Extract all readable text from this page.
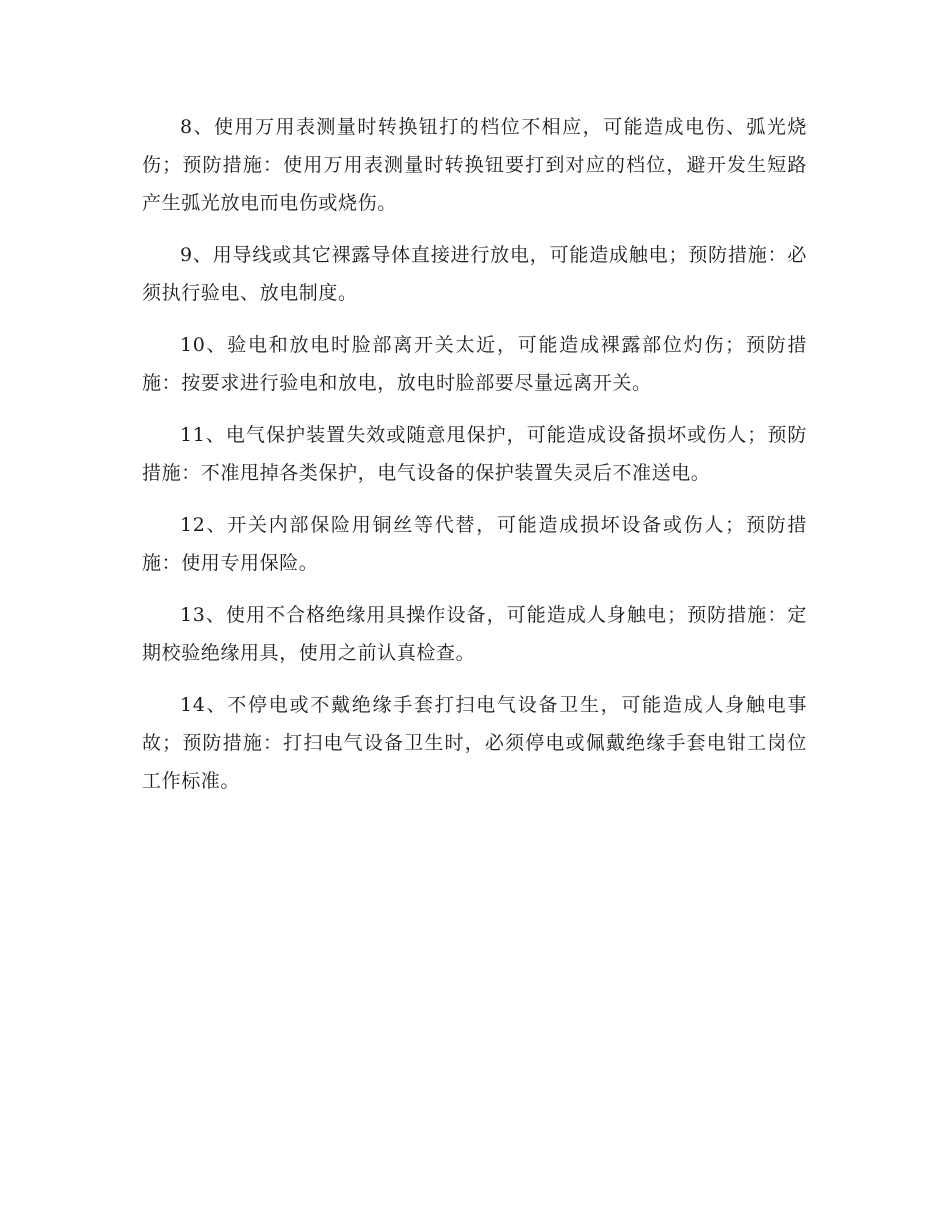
8、使用万用表测量时转换钮打的档位不相应，可能造成电伤、弧光烧伤；预防措施：使用万用表测量时转换钮要打到对应的档位，避开发生短路产生弧光放电而电伤或烧伤。

9、用导线或其它裸露导体直接进行放电，可能造成触电；预防措施：必须执行验电、放电制度。

10、验电和放电时脸部离开关太近，可能造成裸露部位灼伤；预防措施：按要求进行验电和放电，放电时脸部要尽量远离开关。

11、电气保护装置失效或随意甩保护，可能造成设备损坏或伤人；预防措施：不准甩掉各类保护，电气设备的保护装置失灵后不准送电。

12、开关内部保险用铜丝等代替，可能造成损坏设备或伤人；预防措施：使用专用保险。

13、使用不合格绝缘用具操作设备，可能造成人身触电；预防措施：定期校验绝缘用具，使用之前认真检查。

14、不停电或不戴绝缘手套打扫电气设备卫生，可能造成人身触电事故；预防措施：打扫电气设备卫生时，必须停电或佩戴绝缘手套电钳工岗位工作标准。
